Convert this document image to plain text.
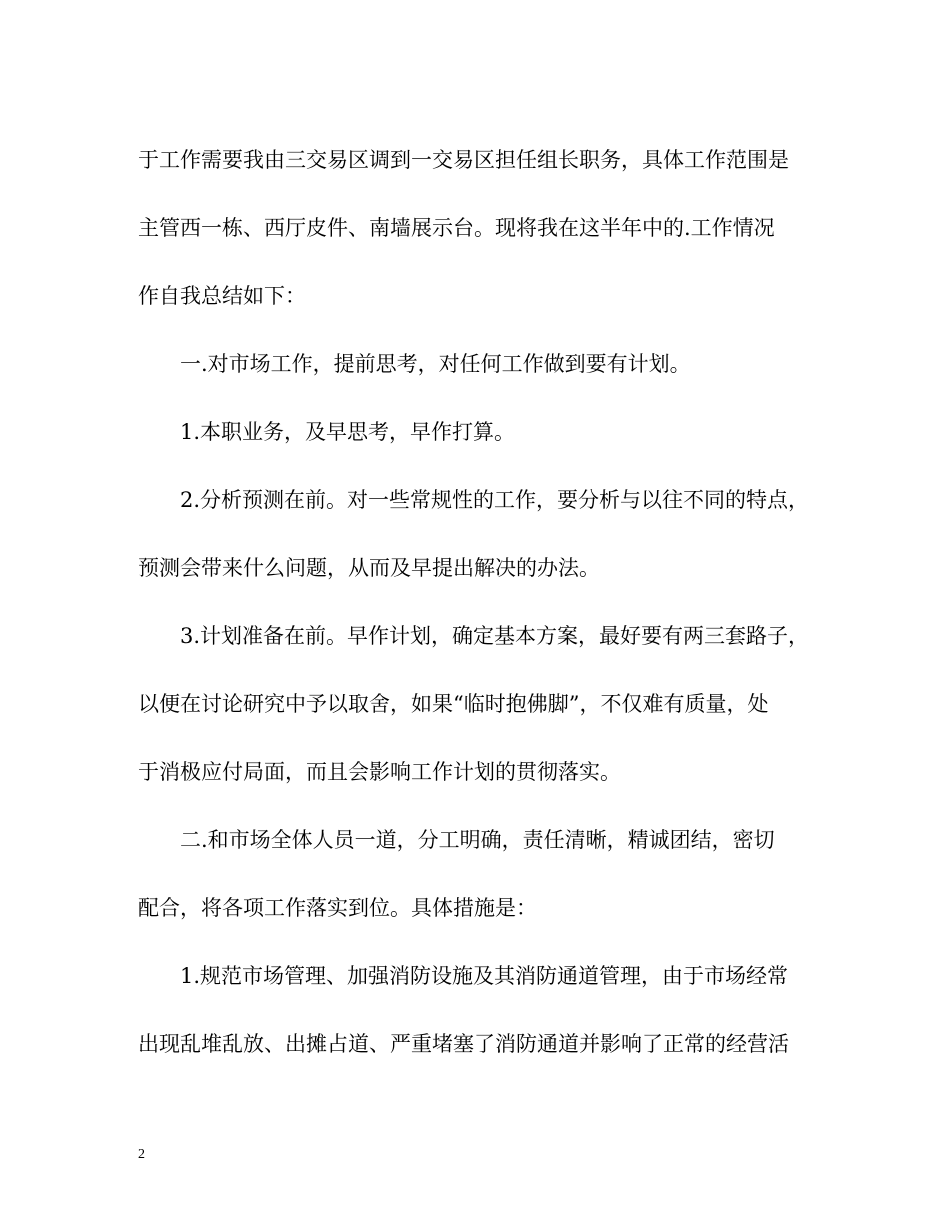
于工作需要我由三交易区调到一交易区担任组长职务，具体工作范围是
主管西一栋、西厅皮件、南墙展示台。现将我在这半年中的.工作情况
作自我总结如下：
一.对市场工作，提前思考，对任何工作做到要有计划。
1.本职业务，及早思考，早作打算。
2.分析预测在前。对一些常规性的工作，要分析与以往不同的特点，
预测会带来什么问题，从而及早提出解决的办法。
3.计划准备在前。早作计划，确定基本方案，最好要有两三套路子，
以便在讨论研究中予以取舍，如果“临时抱佛脚”，不仅难有质量，处
于消极应付局面，而且会影响工作计划的贯彻落实。
二.和市场全体人员一道，分工明确，责任清晰，精诚团结，密切
配合，将各项工作落实到位。具体措施是：
1.规范市场管理、加强消防设施及其消防通道管理，由于市场经常
出现乱堆乱放、出摊占道、严重堵塞了消防通道并影响了正常的经营活
2
